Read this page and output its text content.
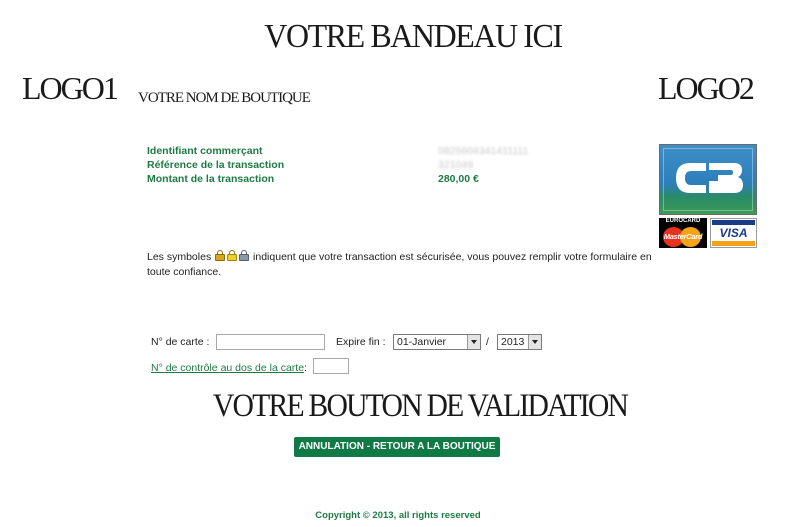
VOTRE BANDEAU ICI
LOGO1	LOGO2
VOTRE NOM DE BOUTIQUE
Identifiant commerçant	0825604341411111
Référence de la transaction	321049
Montant de la transaction	280,00 €
EUROCARD
MasterCard	VISA
Les symboles	indiquent que votre transaction est sécurisée, vous pouvez remplir votre formulaire en toute confiance.
N° de carte :	Expire fin :	01-Janvier	/	2013
N° de contrôle au dos de la carte :
VOTRE BOUTON DE VALIDATION
ANNULATION - RETOUR A LA BOUTIQUE
Copyright © 2013, all rights reserved
